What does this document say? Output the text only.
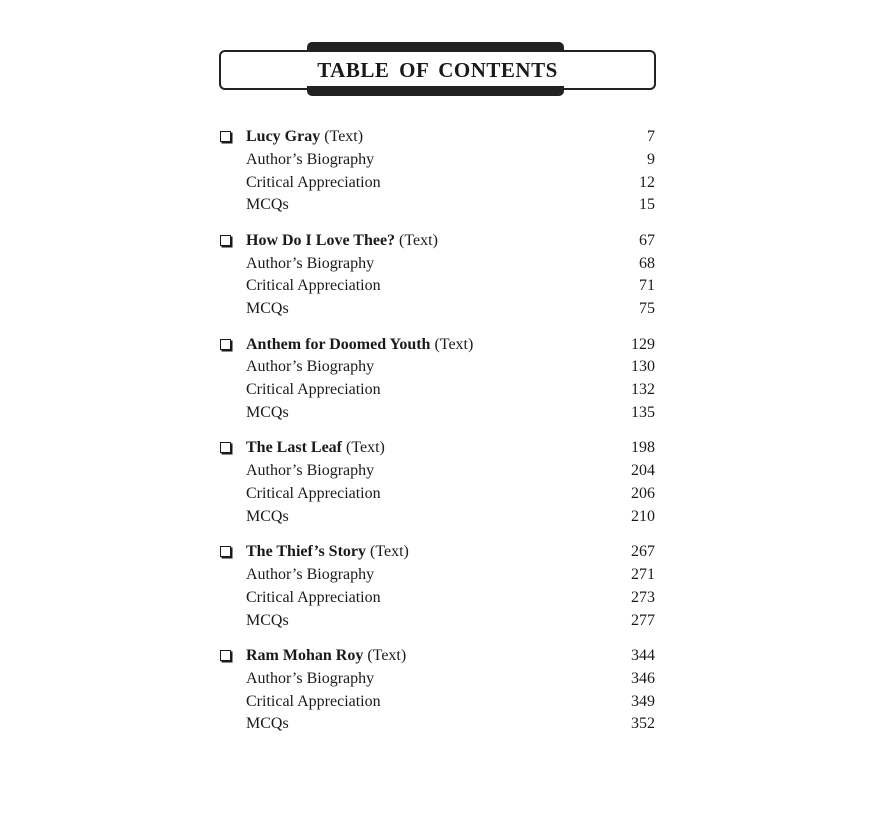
TABLE OF CONTENTS
Lucy Gray (Text)	7
Author’s Biography	9
Critical Appreciation	12
MCQs	15
How Do I Love Thee? (Text)	67
Author’s Biography	68
Critical Appreciation	71
MCQs	75
Anthem for Doomed Youth (Text)	129
Author’s Biography	130
Critical Appreciation	132
MCQs	135
The Last Leaf (Text)	198
Author’s Biography	204
Critical Appreciation	206
MCQs	210
The Thief’s Story (Text)	267
Author’s Biography	271
Critical Appreciation	273
MCQs	277
Ram Mohan Roy (Text)	344
Author’s Biography	346
Critical Appreciation	349
MCQs	352
